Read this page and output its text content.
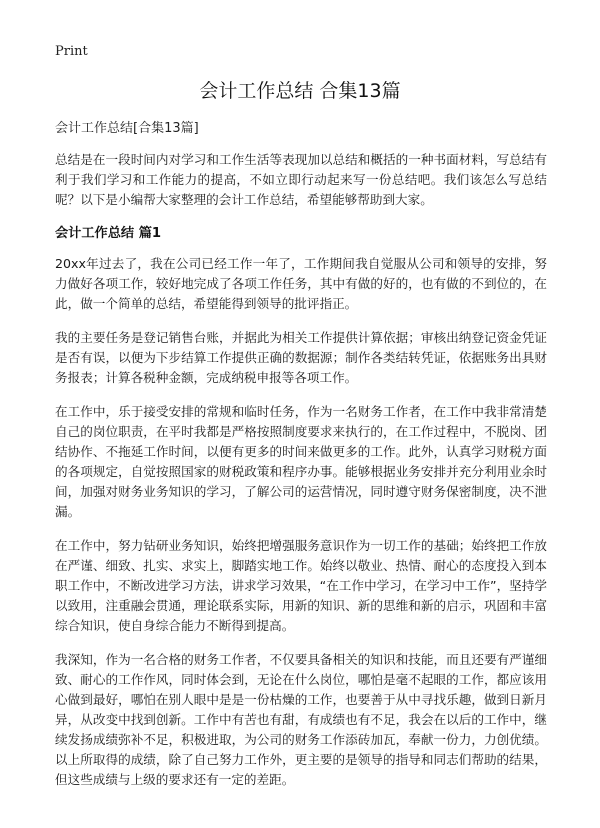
Print
会计工作总结 合集13篇

会计工作总结[合集13篇]

总结是在一段时间内对学习和工作生活等表现加以总结和概括的一种书面材料，写总结有利于我们学习和工作能力的提高，不如立即行动起来写一份总结吧。我们该怎么写总结呢？以下是小编帮大家整理的会计工作总结，希望能够帮助到大家。

会计工作总结 篇1

20xx年过去了，我在公司已经工作一年了，工作期间我自觉服从公司和领导的安排，努力做好各项工作，较好地完成了各项工作任务，其中有做的好的，也有做的不到位的，在此，做一个简单的总结，希望能得到领导的批评指正。

我的主要任务是登记销售台账，并据此为相关工作提供计算依据；审核出纳登记资金凭证是否有误，以便为下步结算工作提供正确的数据源；制作各类结转凭证，依据账务出具财务报表；计算各税种金额，完成纳税申报等各项工作。

在工作中，乐于接受安排的常规和临时任务，作为一名财务工作者，在工作中我非常清楚自己的岗位职责，在平时我都是严格按照制度要求来执行的，在工作过程中，不脱岗、团结协作、不拖延工作时间，以便有更多的时间来做更多的工作。此外，认真学习财税方面的各项规定，自觉按照国家的财税政策和程序办事。能够根据业务安排并充分利用业余时间，加强对财务业务知识的学习，了解公司的运营情况，同时遵守财务保密制度，决不泄漏。

在工作中，努力钻研业务知识，始终把增强服务意识作为一切工作的基础；始终把工作放在严谨、细致、扎实、求实上，脚踏实地工作。始终以敬业、热情、耐心的态度投入到本职工作中，不断改进学习方法，讲求学习效果，“在工作中学习，在学习中工作”，坚持学以致用，注重融会贯通，理论联系实际，用新的知识、新的思维和新的启示，巩固和丰富综合知识，使自身综合能力不断得到提高。

我深知，作为一名合格的财务工作者，不仅要具备相关的知识和技能，而且还要有严谨细致、耐心的工作作风，同时体会到，无论在什么岗位，哪怕是毫不起眼的工作，都应该用心做到最好，哪怕在别人眼中是是一份枯燥的工作，也要善于从中寻找乐趣，做到日新月异，从改变中找到创新。工作中有苦也有甜，有成绩也有不足，我会在以后的工作中，继续发扬成绩弥补不足，积极进取，为公司的财务工作添砖加瓦，奉献一份力，力创优绩。以上所取得的成绩，除了自己努力工作外，更主要的是领导的指导和同志们帮助的结果，但这些成绩与上级的要求还有一定的差距。
